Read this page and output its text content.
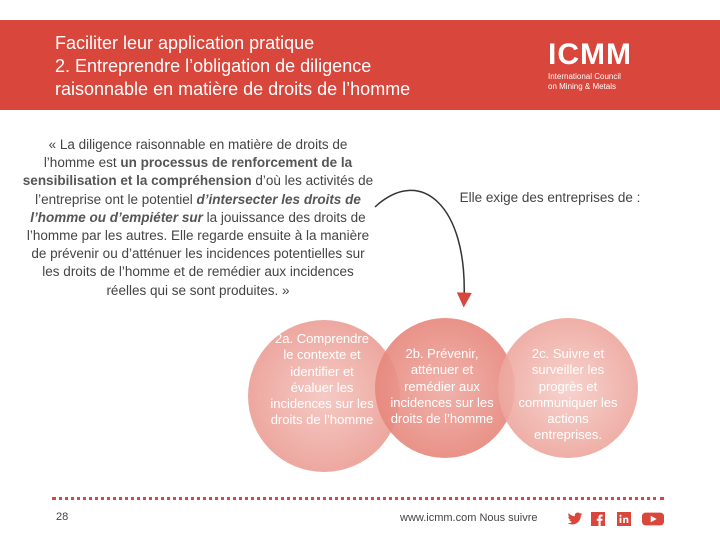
Faciliter leur application pratique
2. Entreprendre l’obligation de diligence
raisonnable en matière de droits de l’homme
ICMM
International Council
on Mining & Metals
« La diligence raisonnable en matière de droits de l’homme est un processus de renforcement de la sensibilisation et la compréhension d’où les activités de l’entreprise ont le potentiel d’intersecter les droits de l’homme ou d’empiéter sur la jouissance des droits de l’homme par les autres. Elle regarde ensuite à la manière de prévenir ou d’atténuer les incidences potentielles sur les droits de l’homme et de remédier aux incidences réelles qui se sont produites. »
Elle exige des entreprises de :
2a. Comprendre le contexte et identifier et évaluer les incidences sur les droits de l’homme
2b. Prévenir, atténuer et remédier aux incidences sur les droits de l’homme
2c. Suivre et surveiller les progrès et communiquer les actions entreprises.
28	www.icmm.com Nous suivre
